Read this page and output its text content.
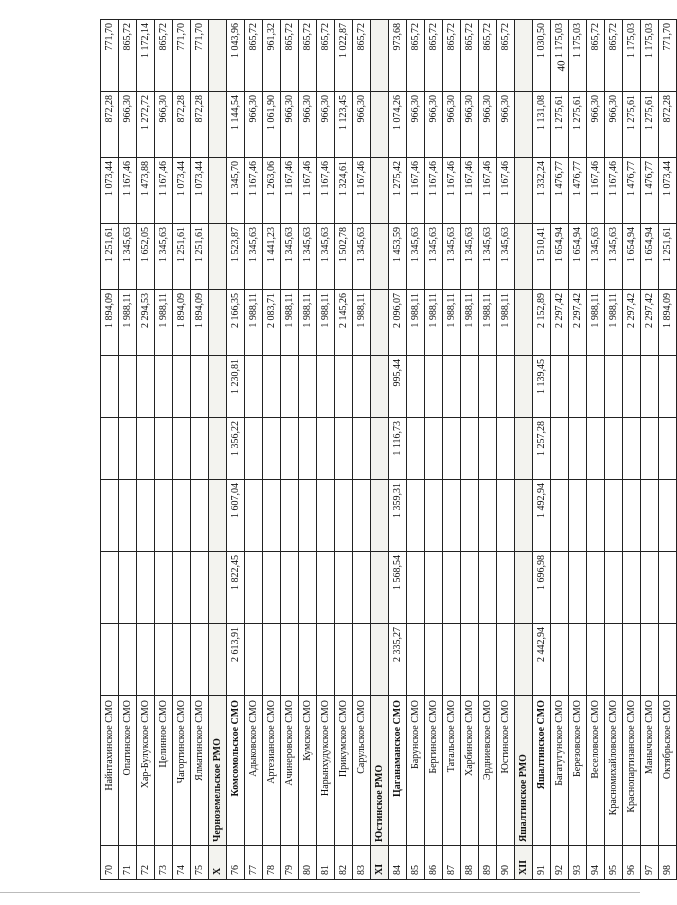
70	Найнтахинское СМО						1 894,09	1 251,61	1 073,44	872,28	771,70
71	Опатинское СМО						1 988,11	1 345,63	1 167,46	966,30	865,72
72	Хар-Булукское СМО						2 294,53	1 652,05	1 473,88	1 272,72	1 172,14
73	Целинное СМО						1 988,11	1 345,63	1 167,46	966,30	865,72
74	Чагортинское СМО						1 894,09	1 251,61	1 073,44	872,28	771,70
75	Ялматинское СМО						1 894,09	1 251,61	1 073,44	872,28	771,70
X	Черноземельское РМО										
76	Комсомольское СМО	2 613,91	1 822,45	1 607,04	1 356,22	1 230,81	2 166,35	1 523,87	1 345,70	1 144,54	1 043,96
77	Адыковское СМО						1 988,11	1 345,63	1 167,46	966,30	865,72
78	Артезианское СМО						2 083,71	1 441,23	1 263,06	1 061,90	961,32
79	Ачинеровское СМО						1 988,11	1 345,63	1 167,46	966,30	865,72
80	Кумское СМО						1 988,11	1 345,63	1 167,46	966,30	865,72
81	Нарынхудукское СМО						1 988,11	1 345,63	1 167,46	966,30	865,72
82	Прикумское СМО						2 145,26	1 502,78	1 324,61	1 123,45	1 022,87
83	Сарульское СМО						1 988,11	1 345,63	1 167,46	966,30	865,72
XI	Юстинское РМО										
84	Цаганаманское СМО	2 335,27	1 568,54	1 359,31	1 116,73	995,44	2 096,07	1 453,59	1 275,42	1 074,26	973,68
85	Барунское СМО						1 988,11	1 345,63	1 167,46	966,30	865,72
86	Бергинское СМО						1 988,11	1 345,63	1 167,46	966,30	865,72
87	Татальское СМО						1 988,11	1 345,63	1 167,46	966,30	865,72
88	Харбинское СМО						1 988,11	1 345,63	1 167,46	966,30	865,72
89	Эрдниевское СМО						1 988,11	1 345,63	1 167,46	966,30	865,72
90	Юстинское СМО						1 988,11	1 345,63	1 167,46	966,30	865,72
XII	Яшалтинское РМО										
91	Яшалтинское СМО	2 442,94	1 696,98	1 492,94	1 257,28	1 139,45	2 152,89	1 510,41	1 332,24	1 131,08	1 030,50
92	Багатугунское СМО						2 297,42	1 654,94	1 476,77	1 275,61	1 175,03
93	Березовское СМО						2 297,42	1 654,94	1 476,77	1 275,61	1 175,03
94	Веселовское СМО						1 988,11	1 345,63	1 167,46	966,30	865,72
95	Красномихайловское СМО						1 988,11	1 345,63	1 167,46	966,30	865,72
96	Краснопартизанское СМО						2 297,42	1 654,94	1 476,77	1 275,61	1 175,03
97	Манычское СМО						2 297,42	1 654,94	1 476,77	1 275,61	1 175,03
98	Октябрьское СМО						1 894,09	1 251,61	1 073,44	872,28	771,70
40
